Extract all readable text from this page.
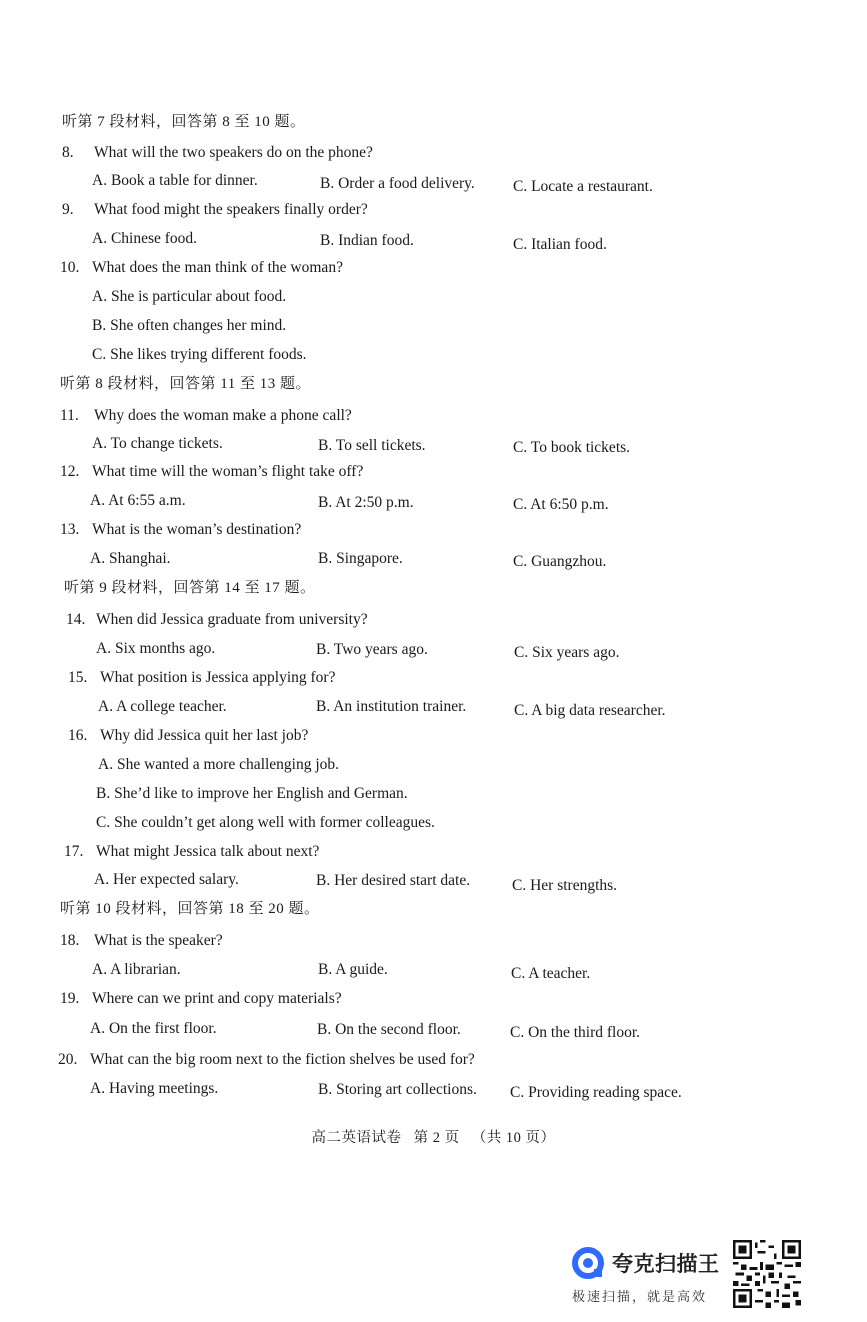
听第 7 段材料，回答第 8 至 10 题。
8. What will the two speakers do on the phone?
A. Book a table for dinner.	B. Order a food delivery. C. Locate a restaurant.
9. What food might the speakers finally order?
A. Chinese food.	B. Indian food.	C. Italian food.
10. What does the man think of the woman?
A. She is particular about food.
B. She often changes her mind.
C. She likes trying different foods.
听第 8 段材料，回答第 11 至 13 题。
11. Why does the woman make a phone call?
A. To change tickets.	B. To sell tickets.	C. To book tickets.
12. What time will the woman’s flight take off?
A. At 6:55 a.m.	B. At 2:50 p.m.	C. At 6:50 p.m.
13. What is the woman’s destination?
A. Shanghai.	B. Singapore.	C. Guangzhou.
听第 9 段材料，回答第 14 至 17 题。
14. When did Jessica graduate from university?
A. Six months ago.	B. Two years ago.	C. Six years ago.
15. What position is Jessica applying for?
A. A college teacher.	B. An institution trainer.	C. A big data researcher.
16. Why did Jessica quit her last job?
A. She wanted a more challenging job.
B. She’d like to improve her English and German.
C. She couldn’t get along well with former colleagues.
17. What might Jessica talk about next?
A. Her expected salary.	B. Her desired start date.	C. Her strengths.
听第 10 段材料，回答第 18 至 20 题。
18. What is the speaker?
A. A librarian.	B. A guide.	C. A teacher.
19. Where can we print and copy materials?
A. On the first floor.	B. On the second floor.	C. On the third floor.
20. What can the big room next to the fiction shelves be used for?
A. Having meetings.	B. Storing art collections. C. Providing reading space.
高二英语试卷 第 2 页 （共 10 页）
夸克扫描王
极速扫描，就是高效
